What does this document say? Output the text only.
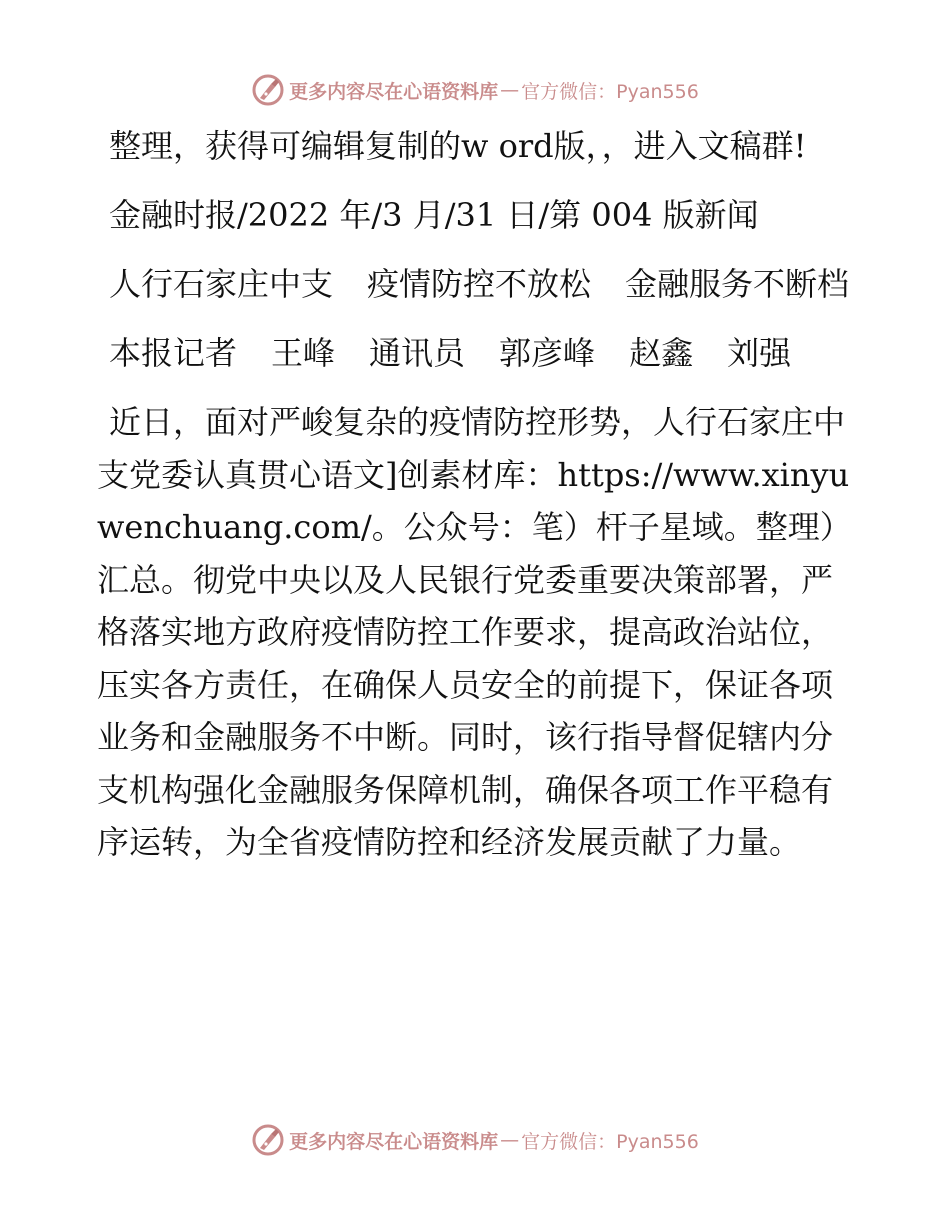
更多内容尽在心语资料库 — 官方微信：Pyan556

整理，获得可编辑复制的w ord版，，进入文稿群!

金融时报/2022 年/3 月/31 日/第 004 版新闻

人行石家庄中支 疫情防控不放松 金融服务不断档

本报记者 王峰 通讯员 郭彦峰 赵鑫 刘强

近日，面对严峻复杂的疫情防控形势，人行石家庄中支党委认真贯心语文]创素材库：https://www.xinyuwenchuang.com/。公众号：笔）杆子星域。整理）汇总。彻党中央以及人民银行党委重要决策部署，严格落实地方政府疫情防控工作要求，提高政治站位，压实各方责任，在确保人员安全的前提下，保证各项业务和金融服务不中断。同时，该行指导督促辖内分支机构强化金融服务保障机制，确保各项工作平稳有序运转，为全省疫情防控和经济发展贡献了力量。

更多内容尽在心语资料库 — 官方微信：Pyan556
